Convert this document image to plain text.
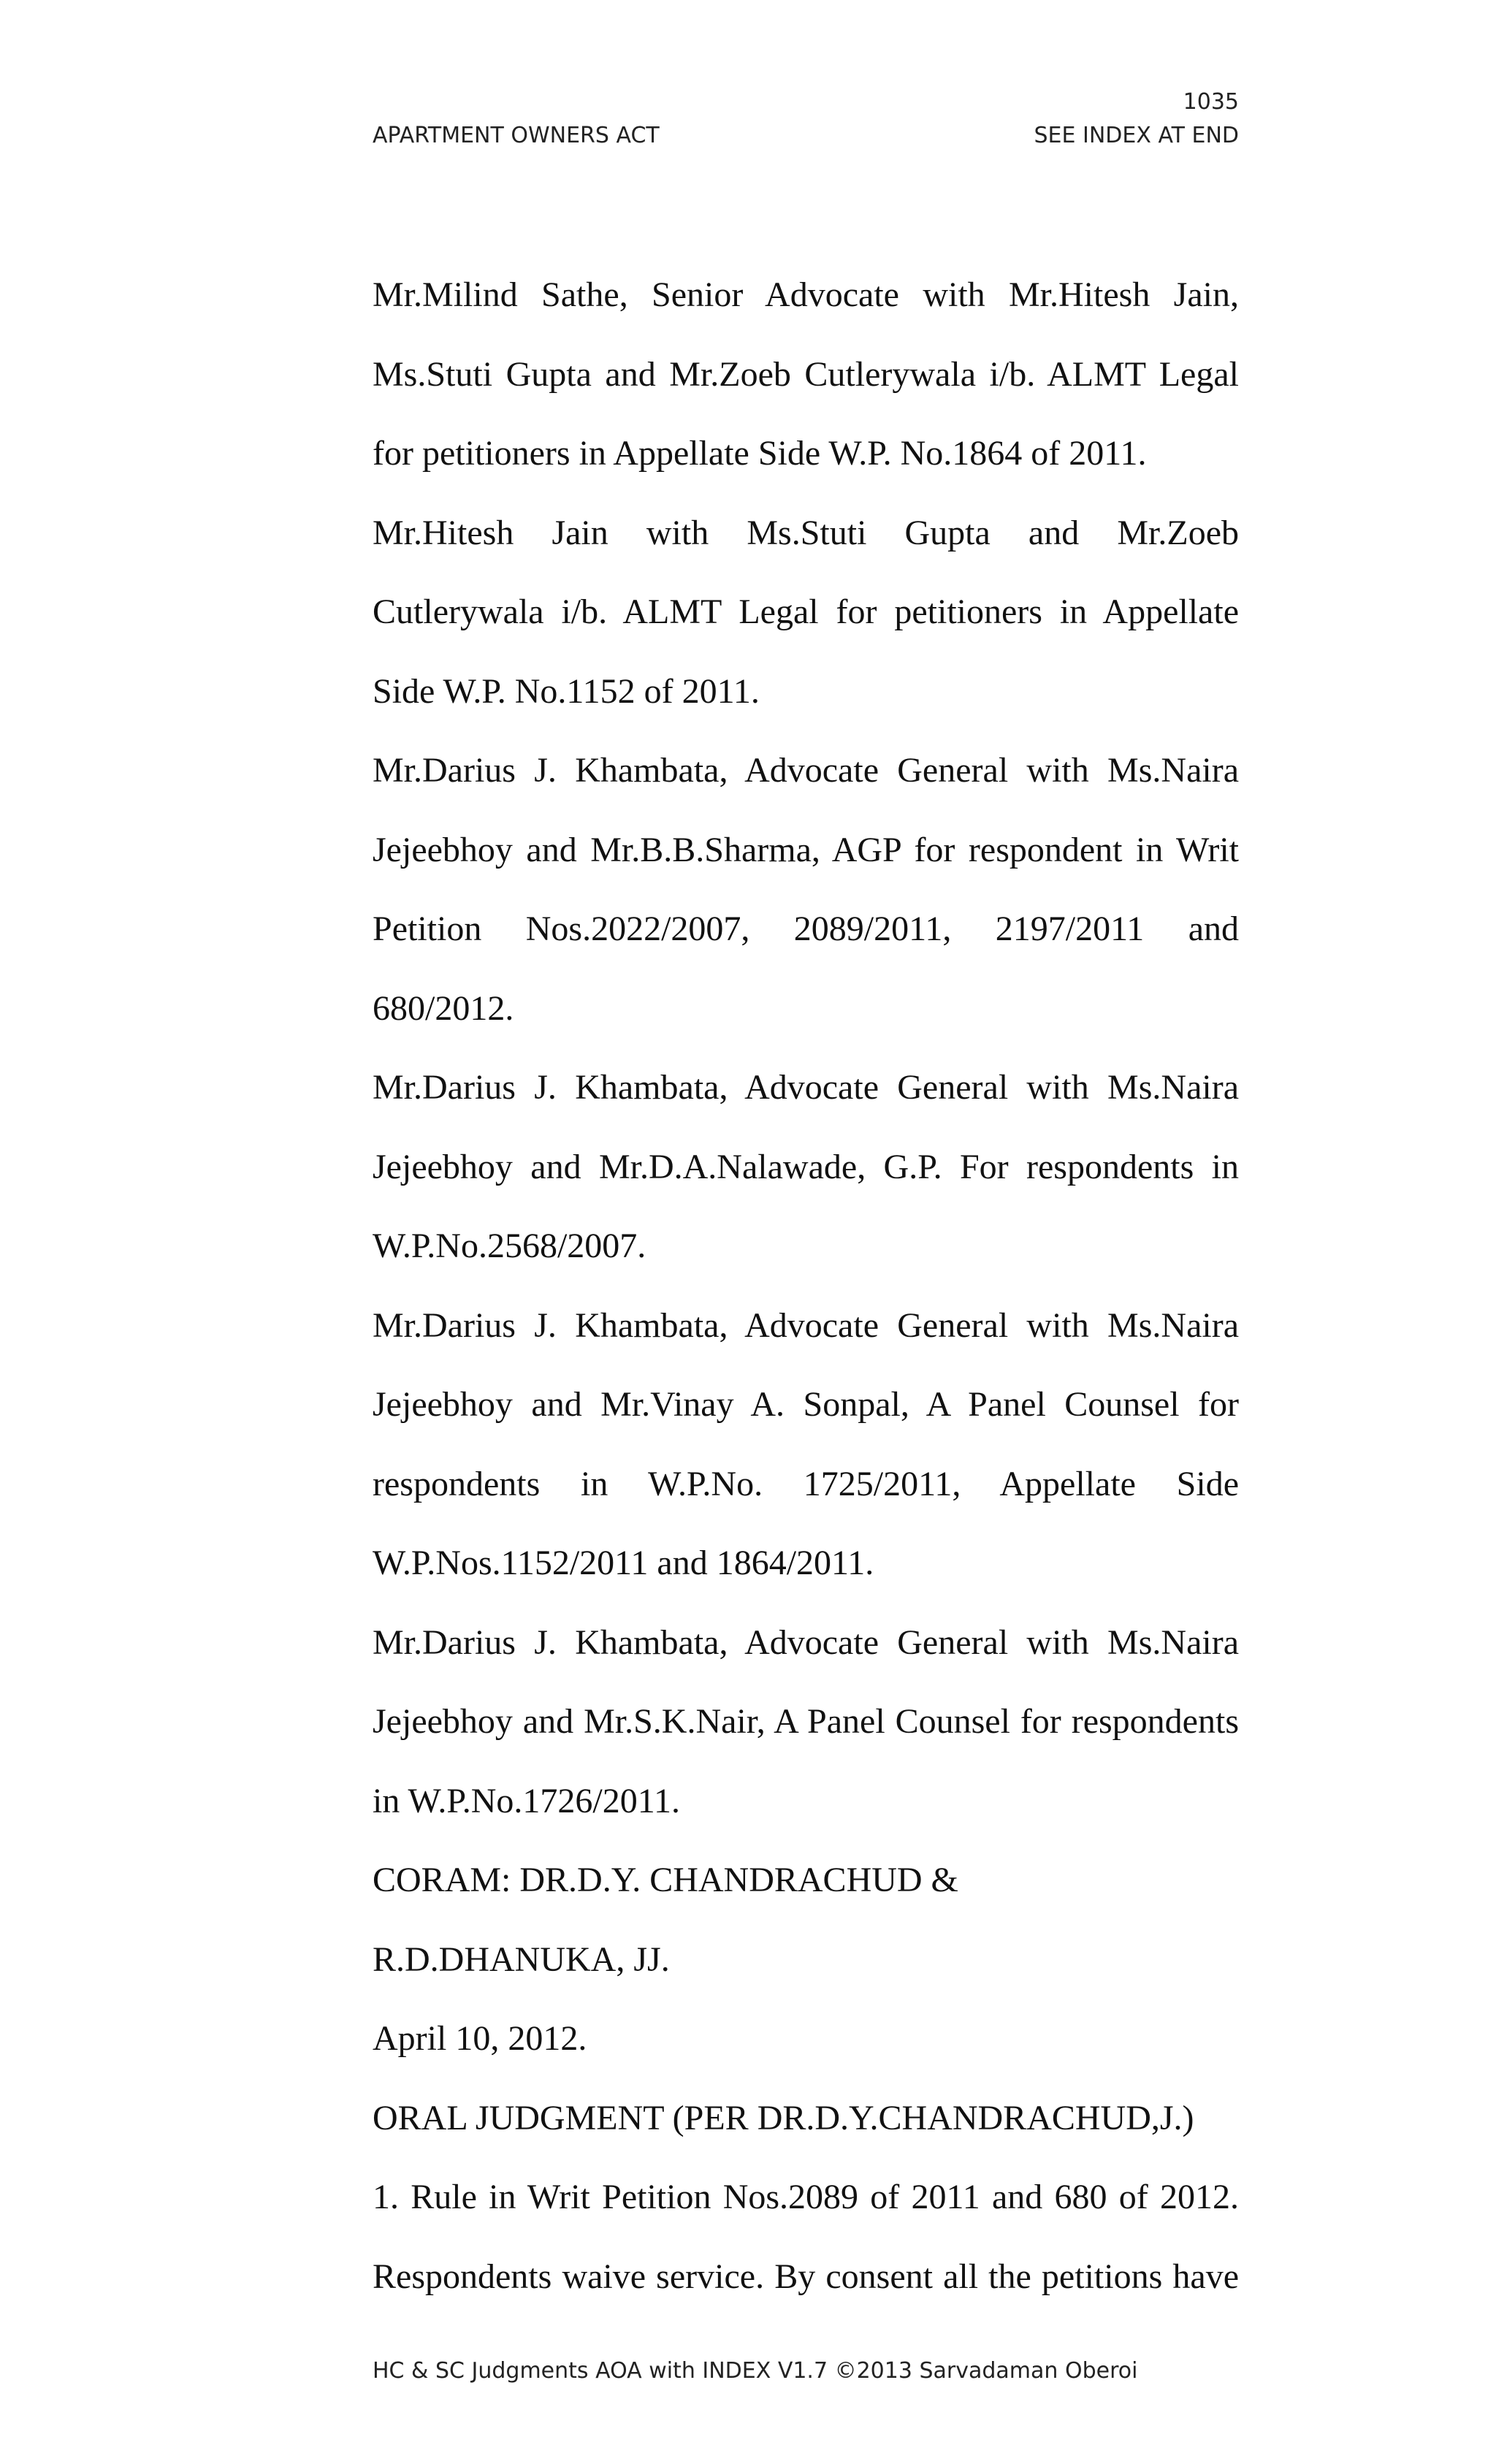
1035
APARTMENT OWNERS ACT	SEE INDEX AT END

Mr.Milind Sathe, Senior Advocate with Mr.Hitesh Jain, Ms.Stuti Gupta and Mr.Zoeb Cutlerywala i/b. ALMT Legal for petitioners in Appellate Side W.P. No.1864 of 2011.

Mr.Hitesh Jain with Ms.Stuti Gupta and Mr.Zoeb Cutlerywala i/b. ALMT Legal for petitioners in Appellate Side W.P. No.1152 of 2011.

Mr.Darius J. Khambata, Advocate General with Ms.Naira Jejeebhoy and Mr.B.B.Sharma, AGP for respondent in Writ Petition Nos.2022/2007, 2089/2011, 2197/2011 and 680/2012.

Mr.Darius J. Khambata, Advocate General with Ms.Naira Jejeebhoy and Mr.D.A.Nalawade, G.P. For respondents in W.P.No.2568/2007.

Mr.Darius J. Khambata, Advocate General with Ms.Naira Jejeebhoy and Mr.Vinay A. Sonpal, A Panel Counsel for respondents in W.P.No. 1725/2011, Appellate Side W.P.Nos.1152/2011 and 1864/2011.

Mr.Darius J. Khambata, Advocate General with Ms.Naira Jejeebhoy and Mr.S.K.Nair, A Panel Counsel for respondents in W.P.No.1726/2011.

CORAM: DR.D.Y. CHANDRACHUD &

R.D.DHANUKA, JJ.

April 10, 2012.

ORAL JUDGMENT (PER DR.D.Y.CHANDRACHUD,J.)

1. Rule in Writ Petition Nos.2089 of 2011 and 680 of 2012. Respondents waive service. By consent all the petitions have

HC & SC Judgments AOA with INDEX V1.7 ©2013 Sarvadaman Oberoi
